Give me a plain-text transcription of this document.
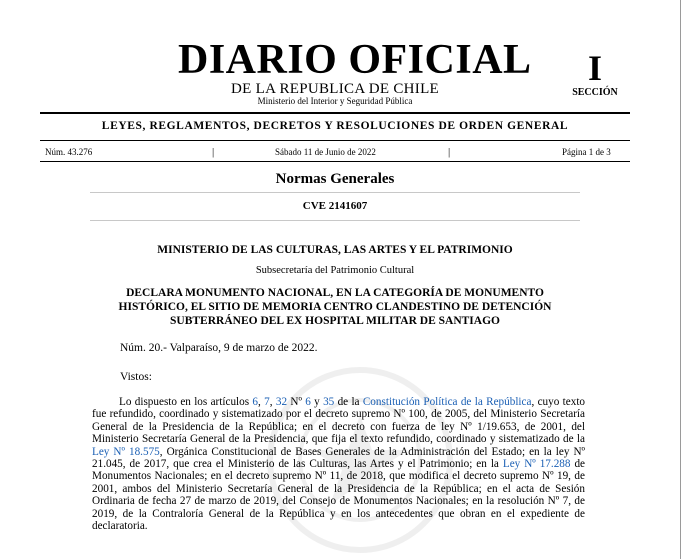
DIARIO OFICIAL
DE LA REPUBLICA DE CHILE
Ministerio del Interior y Seguridad Pública
I
SECCIÓN
LEYES, REGLAMENTOS, DECRETOS Y RESOLUCIONES DE ORDEN GENERAL
Núm. 43.276	|	Sábado 11 de Junio de 2022	|	Página 1 de 3
Normas Generales
CVE 2141607
MINISTERIO DE LAS CULTURAS, LAS ARTES Y EL PATRIMONIO
Subsecretaría del Patrimonio Cultural
DECLARA MONUMENTO NACIONAL, EN LA CATEGORÍA DE MONUMENTO HISTÓRICO, EL SITIO DE MEMORIA CENTRO CLANDESTINO DE DETENCIÓN SUBTERRÁNEO DEL EX HOSPITAL MILITAR DE SANTIAGO
Núm. 20.- Valparaíso, 9 de marzo de 2022.
Vistos:
Lo dispuesto en los artículos 6, 7, 32 Nº 6 y 35 de la Constitución Política de la República, cuyo texto fue refundido, coordinado y sistematizado por el decreto supremo Nº 100, de 2005, del Ministerio Secretaría General de la Presidencia de la República; en el decreto con fuerza de ley Nº 1/19.653, de 2001, del Ministerio Secretaría General de la Presidencia, que fija el texto refundido, coordinado y sistematizado de la Ley Nº 18.575, Orgánica Constitucional de Bases Generales de la Administración del Estado; en la ley Nº 21.045, de 2017, que crea el Ministerio de las Culturas, las Artes y el Patrimonio; en la Ley Nº 17.288 de Monumentos Nacionales; en el decreto supremo Nº 11, de 2018, que modifica el decreto supremo Nº 19, de 2001, ambos del Ministerio Secretaría General de la Presidencia de la República; en el acta de Sesión Ordinaria de fecha 27 de marzo de 2019, del Consejo de Monumentos Nacionales; en la resolución Nº 7, de 2019, de la Contraloría General de la República y en los antecedentes que obran en el expediente de declaratoria.
